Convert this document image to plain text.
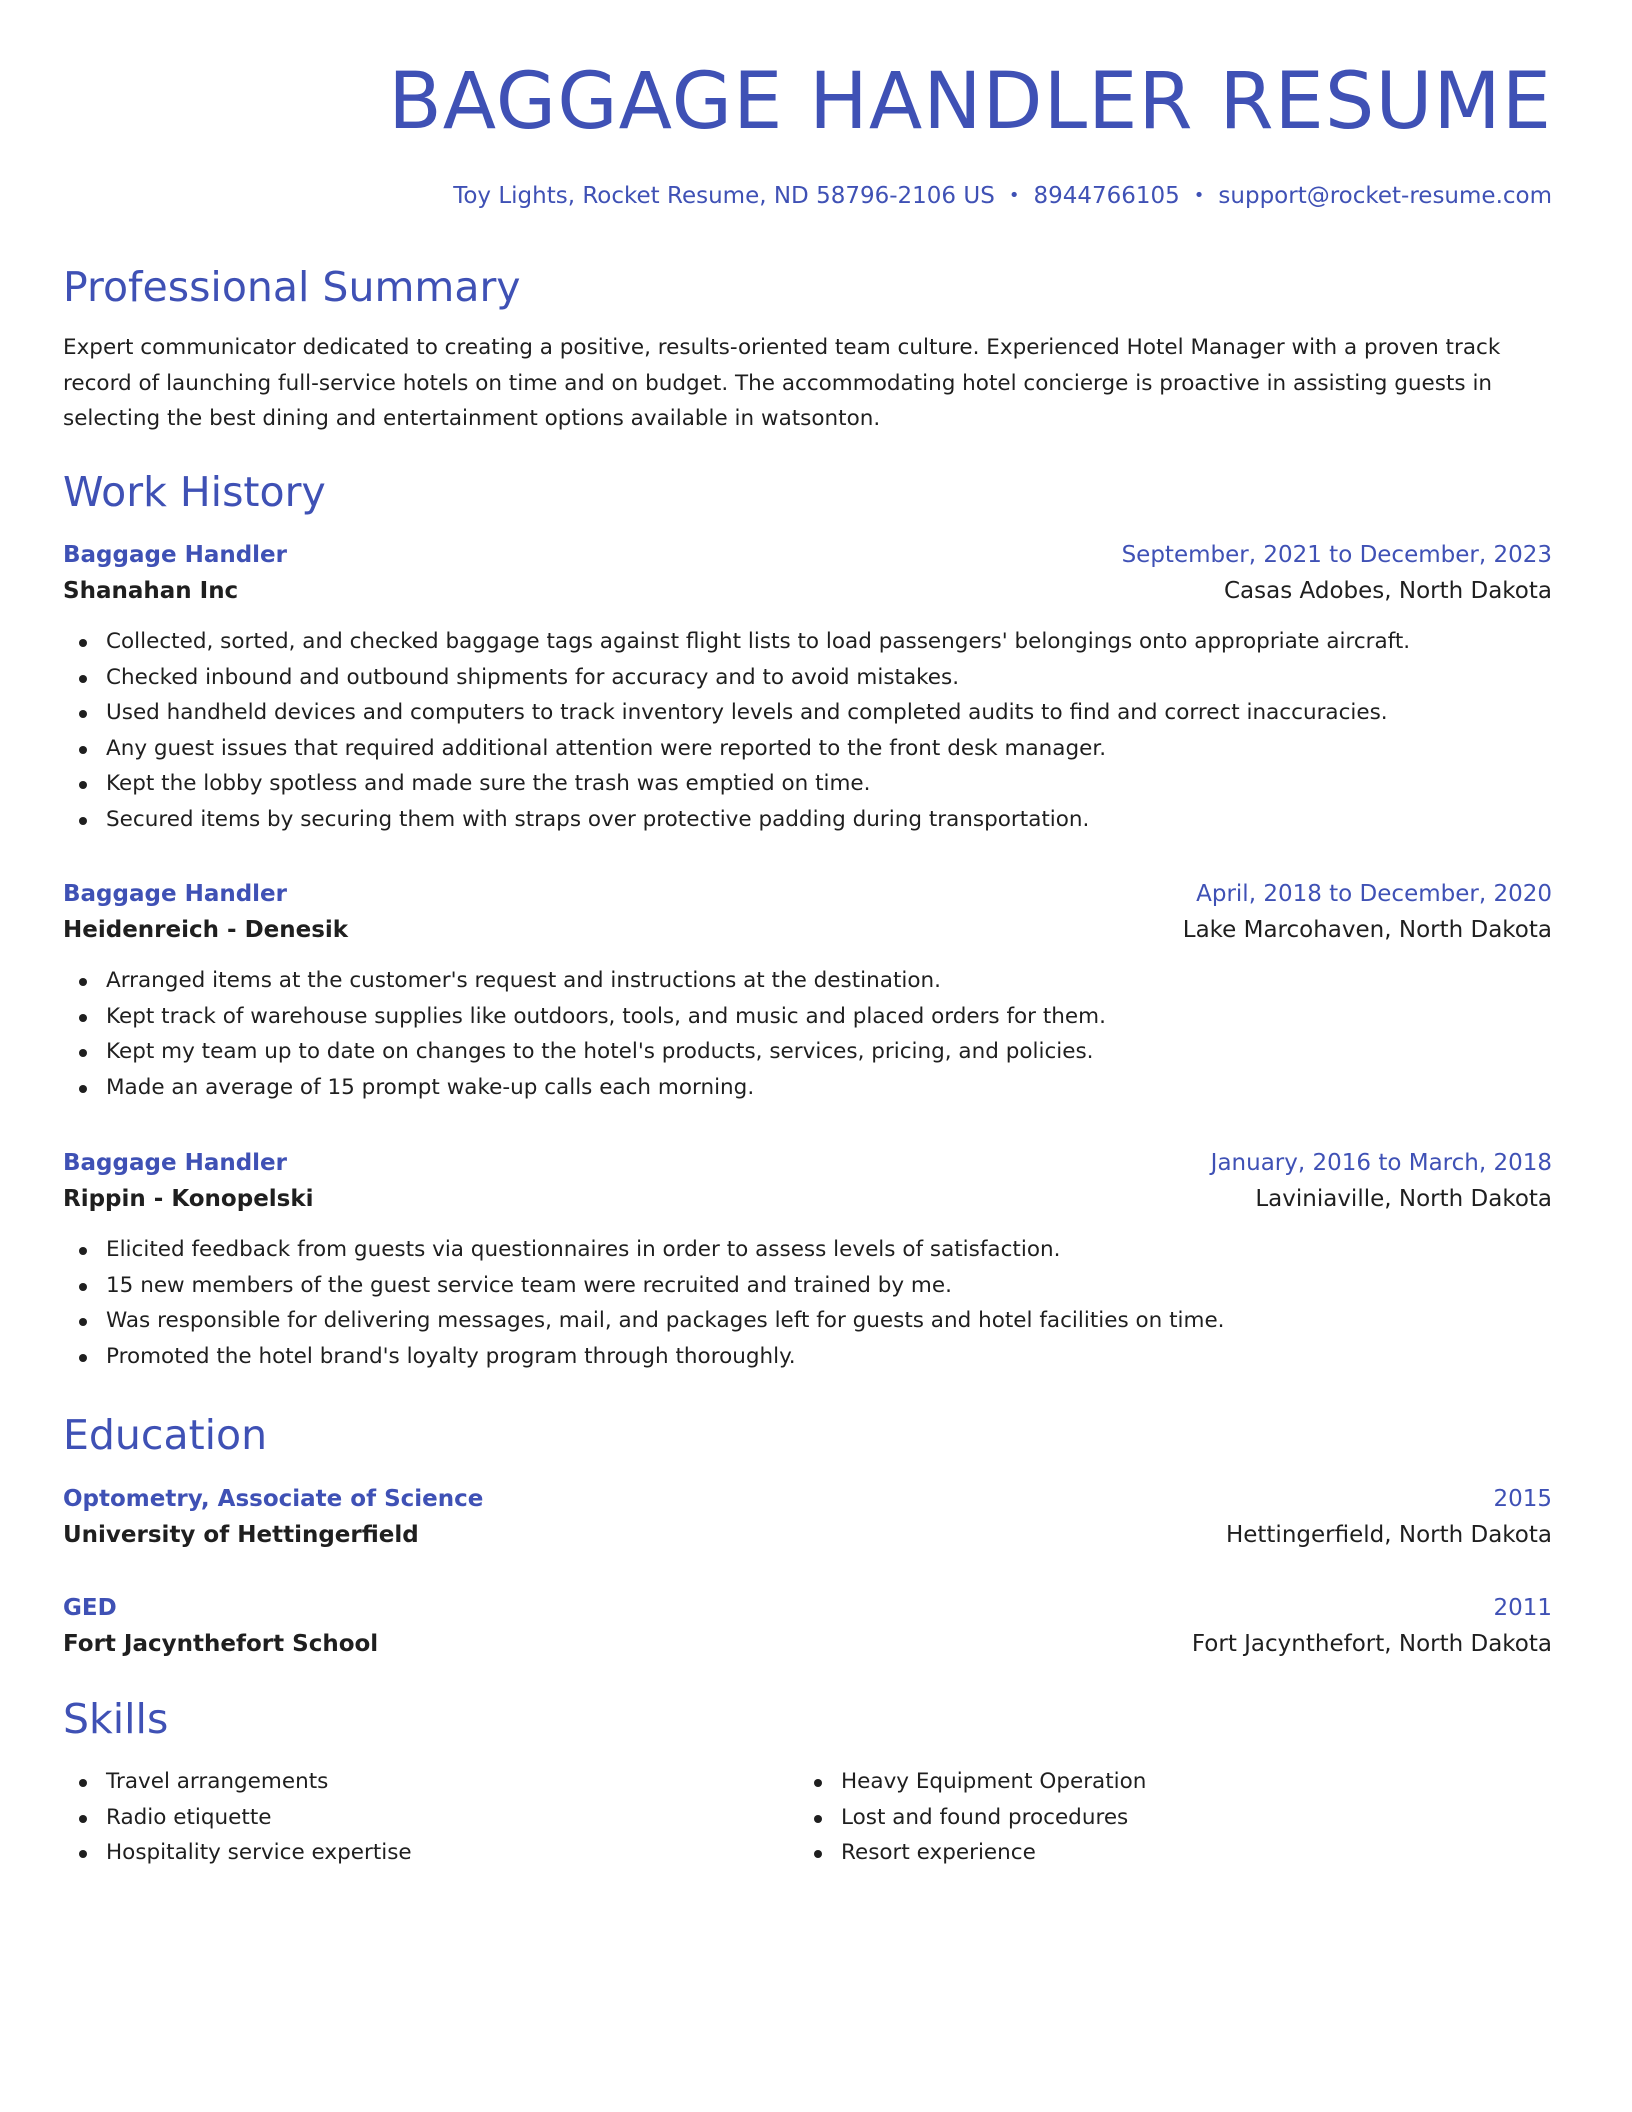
BAGGAGE HANDLER RESUME
Toy Lights, Rocket Resume, ND 58796-2106 US • 8944766105 • support@rocket-resume.com
Professional Summary

Expert communicator dedicated to creating a positive, results-oriented team culture. Experienced Hotel Manager with a proven track record of launching full-service hotels on time and on budget. The accommodating hotel concierge is proactive in assisting guests in selecting the best dining and entertainment options available in watsonton.

Work History
Baggage Handler	September, 2021 to December, 2023
Shanahan Inc	Casas Adobes, North Dakota
Collected, sorted, and checked baggage tags against flight lists to load passengers' belongings onto appropriate aircraft.
Checked inbound and outbound shipments for accuracy and to avoid mistakes.
Used handheld devices and computers to track inventory levels and completed audits to find and correct inaccuracies.
Any guest issues that required additional attention were reported to the front desk manager.
Kept the lobby spotless and made sure the trash was emptied on time.
Secured items by securing them with straps over protective padding during transportation.
Baggage Handler	April, 2018 to December, 2020
Heidenreich - Denesik	Lake Marcohaven, North Dakota
Arranged items at the customer's request and instructions at the destination.
Kept track of warehouse supplies like outdoors, tools, and music and placed orders for them.
Kept my team up to date on changes to the hotel's products, services, pricing, and policies.
Made an average of 15 prompt wake-up calls each morning.
Baggage Handler	January, 2016 to March, 2018
Rippin - Konopelski	Laviniaville, North Dakota
Elicited feedback from guests via questionnaires in order to assess levels of satisfaction.
15 new members of the guest service team were recruited and trained by me.
Was responsible for delivering messages, mail, and packages left for guests and hotel facilities on time.
Promoted the hotel brand's loyalty program through thoroughly.
Education
Optometry, Associate of Science	2015
University of Hettingerfield	Hettingerfield, North Dakota
GED	2011
Fort Jacynthefort School	Fort Jacynthefort, North Dakota
Skills
Travel arrangements
Radio etiquette
Hospitality service expertise
Heavy Equipment Operation
Lost and found procedures
Resort experience
